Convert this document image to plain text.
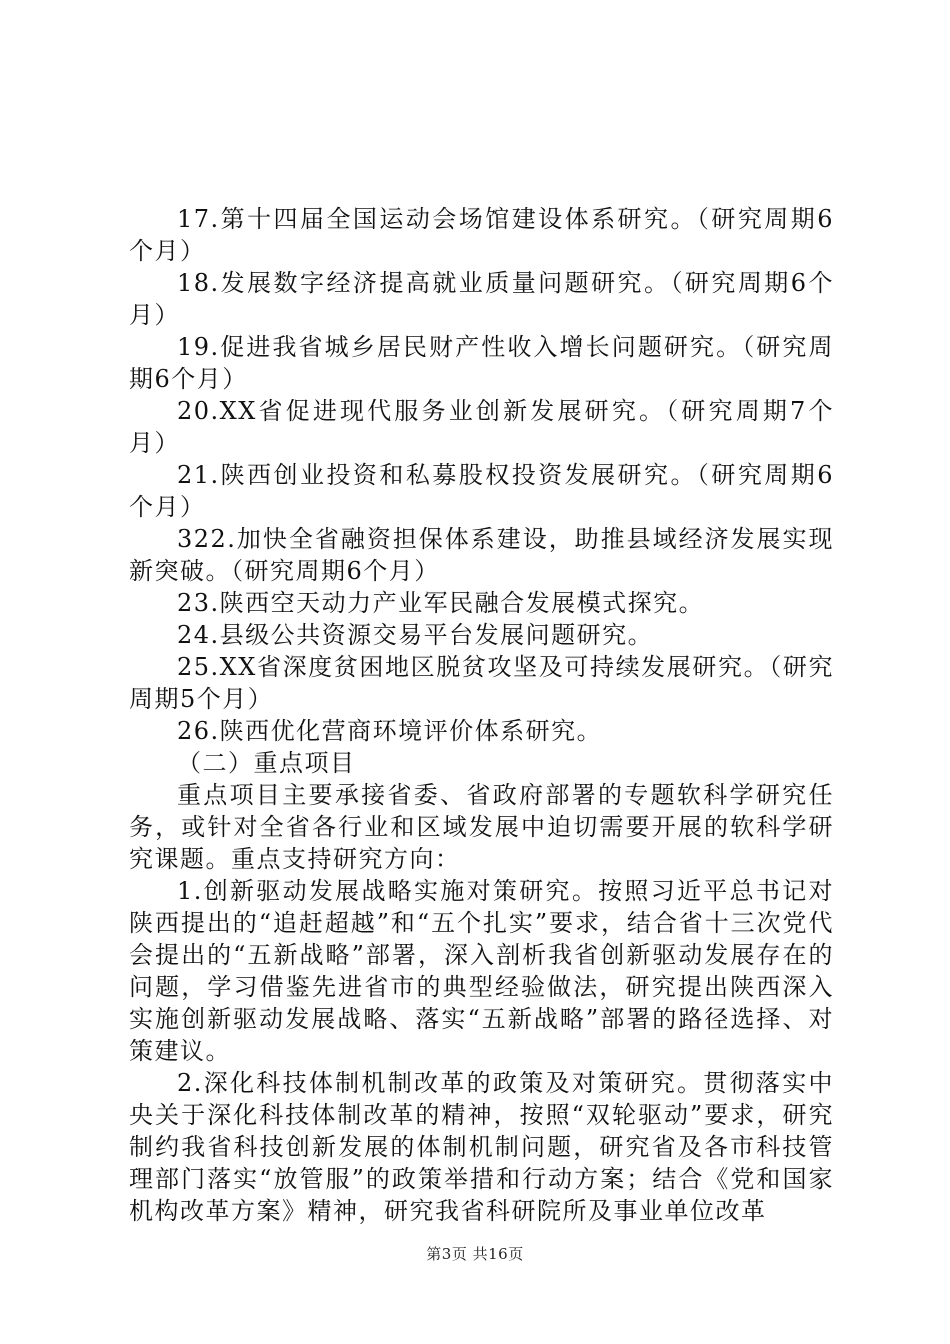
17.第十四届全国运动会场馆建设体系研究。（研究周期6个月）

18.发展数字经济提高就业质量问题研究。（研究周期6个月）

19.促进我省城乡居民财产性收入增长问题研究。（研究周期6个月）

20.XX省促进现代服务业创新发展研究。（研究周期7个月）

21.陕西创业投资和私募股权投资发展研究。（研究周期6个月）

322.加快全省融资担保体系建设，助推县域经济发展实现新突破。（研究周期6个月）

23.陕西空天动力产业军民融合发展模式探究。

24.县级公共资源交易平台发展问题研究。

25.XX省深度贫困地区脱贫攻坚及可持续发展研究。（研究周期5个月）

26.陕西优化营商环境评价体系研究。

（二）重点项目

重点项目主要承接省委、省政府部署的专题软科学研究任务，或针对全省各行业和区域发展中迫切需要开展的软科学研究课题。重点支持研究方向：

1.创新驱动发展战略实施对策研究。按照习近平总书记对陕西提出的“追赶超越”和“五个扎实”要求，结合省十三次党代会提出的“五新战略”部署，深入剖析我省创新驱动发展存在的问题，学习借鉴先进省市的典型经验做法，研究提出陕西深入实施创新驱动发展战略、落实“五新战略”部署的路径选择、对策建议。

2.深化科技体制机制改革的政策及对策研究。贯彻落实中央关于深化科技体制改革的精神，按照“双轮驱动”要求，研究制约我省科技创新发展的体制机制问题，研究省及各市科技管理部门落实“放管服”的政策举措和行动方案；结合《党和国家机构改革方案》精神，研究我省科研院所及事业单位改革

第3页 共16页
